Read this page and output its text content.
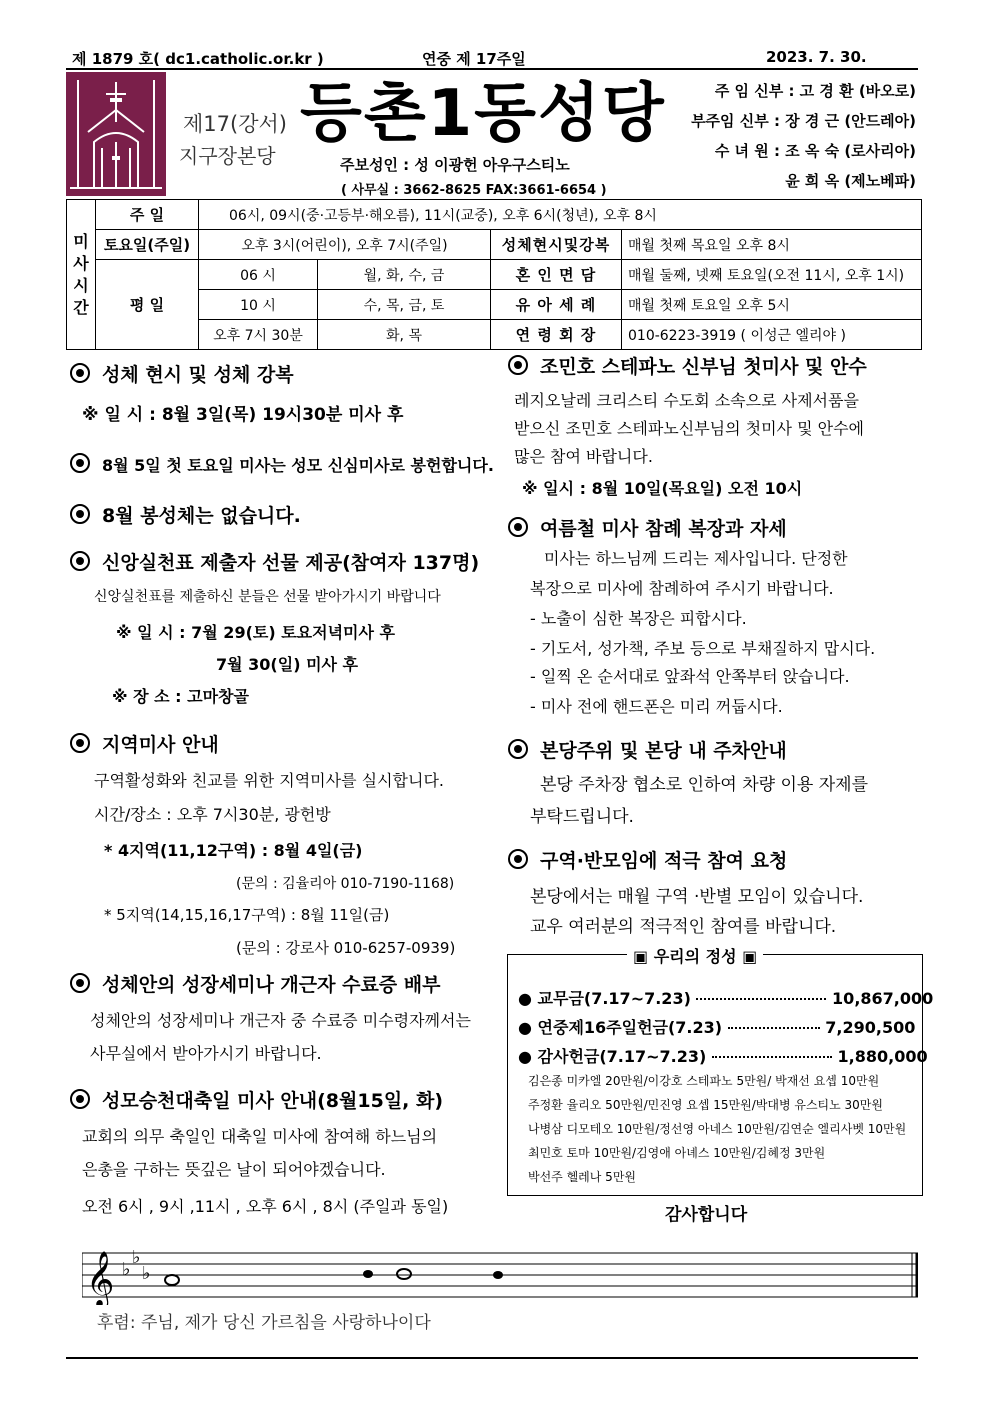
제 1879 호( dc1.catholic.or.kr )	연중 제 17주일	2023. 7. 30.
제17(강서)
지구장본당
등촌1동성당
주보성인 : 성 이광헌 아우구스티노
( 사무실 : 3662-8625 FAX:3661-6654 )
주 임 신부 : 고 경 환 (바오로)
부주임 신부 : 장 경 근 (안드레아)
수 녀 원 : 조 옥 숙 (로사리아)
윤 희 옥 (제노베파)
미
사
시
간	주 일	06시, 09시(중·고등부·해오름), 11시(교중), 오후 6시(청년), 오후 8시			
	토요일(주일)	오후 3시(어린이), 오후 7시(주일)		성체현시및강복	매월 첫째 목요일 오후 8시
	평 일	06 시	월, 화, 수, 금	혼 인 면 담	매월 둘째, 넷째 토요일(오전 11시, 오후 1시)
		10 시	수, 목, 금, 토	유 아 세 례	매월 첫째 토요일 오후 5시
		오후 7시 30분	화, 목	연 령 회 장	010-6223-3919 ( 이성근 엘리야 )
성체 현시 및 성체 강복
※ 일 시 : 8월 3일(목) 19시30분 미사 후
8월 5일 첫 토요일 미사는 성모 신심미사로 봉헌합니다.
8월 봉성체는 없습니다.
신앙실천표 제출자 선물 제공(참여자 137명)
신앙실천표를 제출하신 분들은 선물 받아가시기 바랍니다
※ 일 시 : 7월 29(토) 토요저녁미사 후
7월 30(일) 미사 후
※ 장 소 : 고마창골
지역미사 안내
구역활성화와 친교를 위한 지역미사를 실시합니다.
시간/장소 : 오후 7시30분, 광헌방
* 4지역(11,12구역) : 8월 4일(금)
(문의 : 김율리아 010-7190-1168)
* 5지역(14,15,16,17구역) : 8월 11일(금)
(문의 : 강로사 010-6257-0939)
성체안의 성장세미나 개근자 수료증 배부
성체안의 성장세미나 개근자 중 수료증 미수령자께서는
사무실에서 받아가시기 바랍니다.
성모승천대축일 미사 안내(8월15일, 화)
교회의 의무 축일인 대축일 미사에 참여해 하느님의
은총을 구하는 뜻깊은 날이 되어야겠습니다.
오전 6시 , 9시 ,11시 , 오후 6시 , 8시 (주일과 동일)
조민호 스테파노 신부님 첫미사 및 안수
레지오날레 크리스티 수도회 소속으로 사제서품을
받으신 조민호 스테파노신부님의 첫미사 및 안수에
많은 참여 바랍니다.
※ 일시 : 8월 10일(목요일) 오전 10시
여름철 미사 참례 복장과 자세
미사는 하느님께 드리는 제사입니다. 단정한
복장으로 미사에 참례하여 주시기 바랍니다.
- 노출이 심한 복장은 피합시다.
- 기도서, 성가책, 주보 등으로 부채질하지 맙시다.
- 일찍 온 순서대로 앞좌석 안쪽부터 앉습니다.
- 미사 전에 핸드폰은 미리 꺼둡시다.
본당주위 및 본당 내 주차안내
본당 주차장 협소로 인하여 차량 이용 자제를
부탁드립니다.
구역·반모임에 적극 참여 요청
본당에서는 매월 구역 ·반별 모임이 있습니다.
교우 여러분의 적극적인 참여를 바랍니다.
▣ 우리의 정성 ▣
● 교무금(7.17~7.23)	10,867,000
● 연중제16주일헌금(7.23)	7,290,500
● 감사헌금(7.17~7.23)	1,880,000
김은종 미카엘 20만원/이강호 스테파노 5만원/ 박재선 요셉 10만원
주정환 율리오 50만원/민진영 요셉 15만원/박대병 유스티노 30만원
나병삼 디모테오 10만원/정선영 아네스 10만원/김연순 엘리사벳 10만원
최민호 토마 10만원/김영애 아녜스 10만원/김혜정 3만원
박선주 헬레나 5만원
감사합니다
𝄞 ♭
♭
♭
후렴: 주님, 제가 당신 가르침을 사랑하나이다
